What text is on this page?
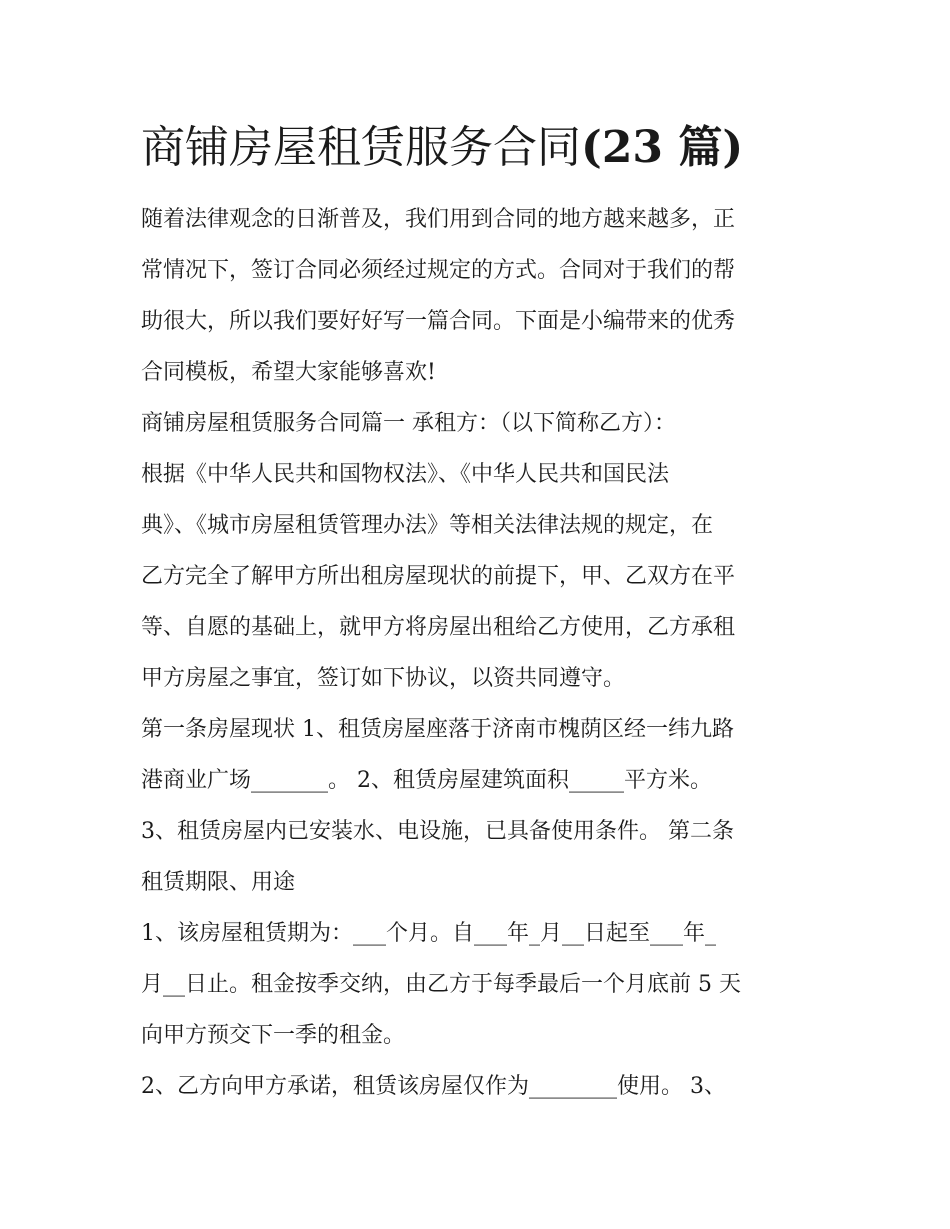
商铺房屋租赁服务合同(23 篇)

随着法律观念的日渐普及，我们用到合同的地方越来越多，正
常情况下，签订合同必须经过规定的方式。合同对于我们的帮
助很大，所以我们要好好写一篇合同。下面是小编带来的优秀
合同模板，希望大家能够喜欢!

商铺房屋租赁服务合同篇一 承租方：（以下简称乙方）：

根据《中华人民共和国物权法》、《中华人民共和国民法
典》、《城市房屋租赁管理办法》等相关法律法规的规定，在
乙方完全了解甲方所出租房屋现状的前提下，甲、乙双方在平
等、自愿的基础上，就甲方将房屋出租给乙方使用，乙方承租
甲方房屋之事宜，签订如下协议，以资共同遵守。

第一条房屋现状 1、租赁房屋座落于济南市槐荫区经一纬九路
港商业广场_______。 2、租赁房屋建筑面积_____平方米。
3、租赁房屋内已安装水、电设施，已具备使用条件。 第二条
租赁期限、用途

1、该房屋租赁期为：___个月。自___年_月__日起至___年_
月__日止。租金按季交纳，由乙方于每季最后一个月底前 5 天
向甲方预交下一季的租金。

2、乙方向甲方承诺，租赁该房屋仅作为________使用。 3、
